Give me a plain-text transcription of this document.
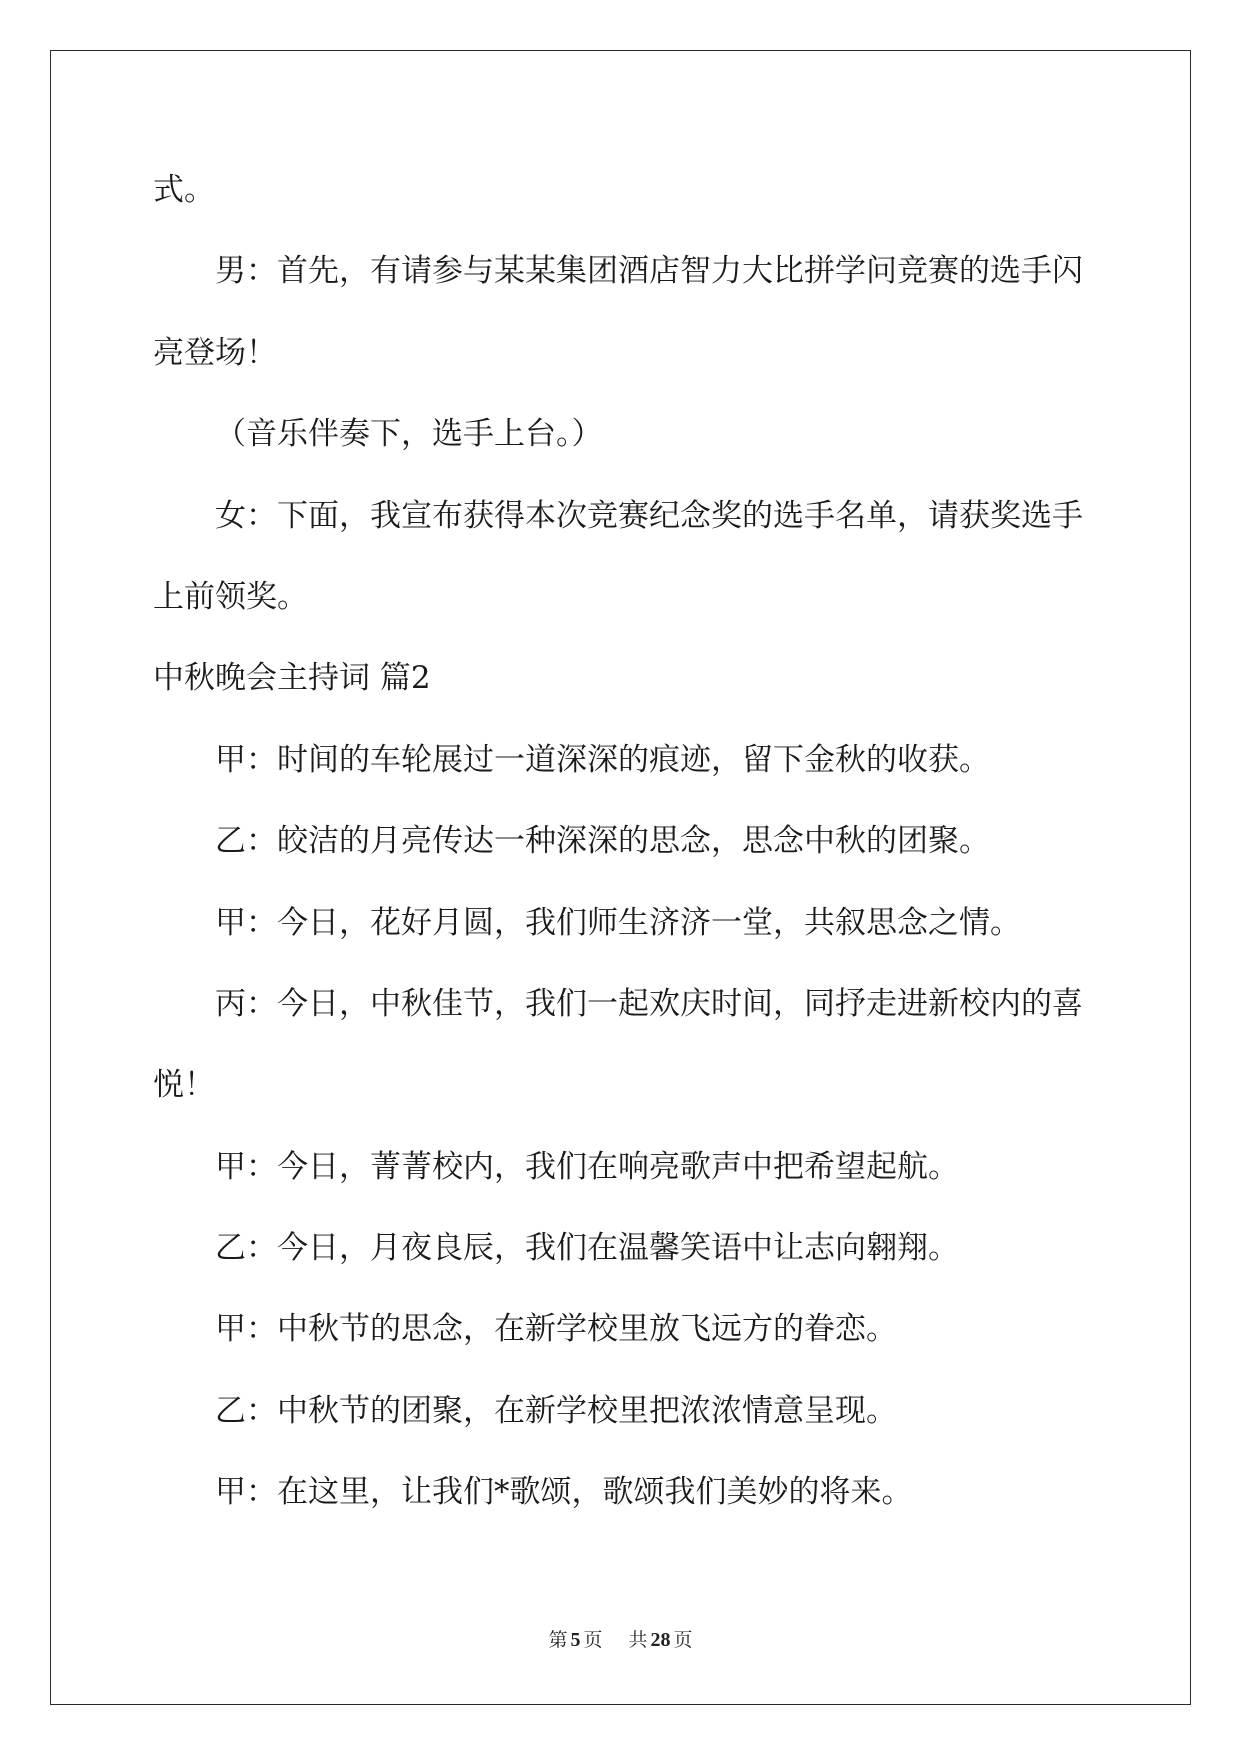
式。
男：首先，有请参与某某集团酒店智力大比拼学问竞赛的选手闪
亮登场！
（音乐伴奏下，选手上台。）
女：下面，我宣布获得本次竞赛纪念奖的选手名单，请获奖选手
上前领奖。
中秋晚会主持词 篇2
甲：时间的车轮展过一道深深的痕迹，留下金秋的收获。
乙：皎洁的月亮传达一种深深的思念，思念中秋的团聚。
甲：今日，花好月圆，我们师生济济一堂，共叙思念之情。
丙：今日，中秋佳节，我们一起欢庆时间，同抒走进新校内的喜
悦！
甲：今日，菁菁校内，我们在响亮歌声中把希望起航。
乙：今日，月夜良辰，我们在温馨笑语中让志向翱翔。
甲：中秋节的思念，在新学校里放飞远方的眷恋。
乙：中秋节的团聚，在新学校里把浓浓情意呈现。
甲：在这里，让我们*歌颂，歌颂我们美妙的将来。
第 5 页 共 28 页
